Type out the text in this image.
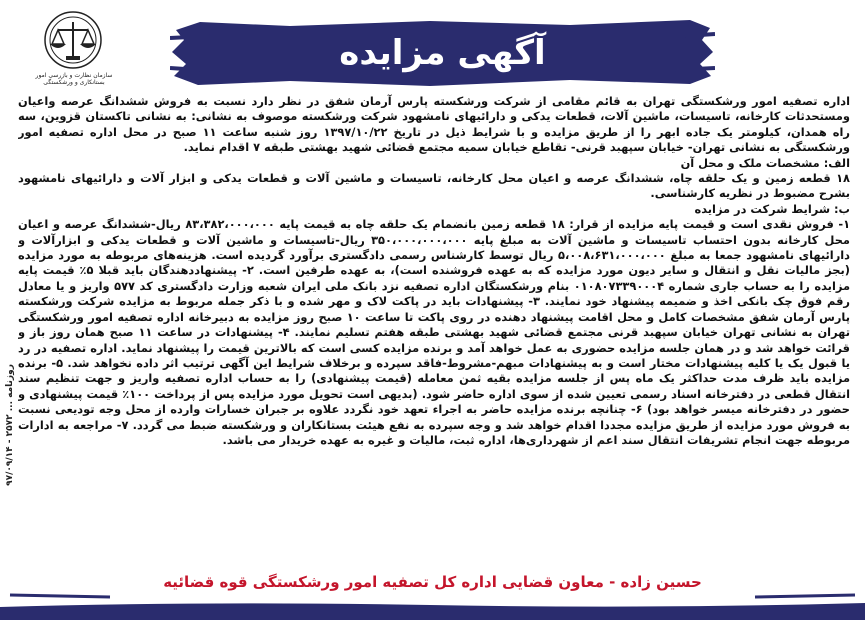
سازمان نظارت و بازرسی امور بستانکاری و ورشکستگی
آگهی مزایده
روزنامه ... ۲۵۷۲ - ۹۷/۰۹/۱۴

اداره تصفیه امور ورشکستگی تهران به قائم مقامی از شرکت ورشکسته پارس آرمان شفق در نظر دارد نسبت به فروش ششدانگ عرصه واعیان ومستحدثات کارخانه، تاسیسات، ماشین آلات، قطعات یدکی و دارائیهای نامشهود شرکت ورشکسته موصوف به نشانی: به نشانی تاکستان قزوین، سه راه همدان، کیلومتر یک جاده ابهر را از طریق مزایده و با شرایط ذیل در تاریخ ۱۳۹۷/۱۰/۲۲ روز شنبه ساعت ۱۱ صبح در محل اداره تصفیه امور ورشکستگی به نشانی تهران- خیابان سپهبد قرنی- تقاطع خیابان سمیه مجتمع قضائی شهید بهشتی طبقه ۷ اقدام نماید.

الف: مشخصات ملک و محل آن

۱۸ قطعه زمین و یک حلقه چاه، ششدانگ عرصه و اعیان محل کارخانه، تاسیسات و ماشین آلات و قطعات یدکی و ابزار آلات و دارائیهای نامشهود بشرح مضبوط در نظریه کارشناسی.

ب: شرایط شرکت در مزایده

۱- فروش نقدی است و قیمت پایه مزایده از قرار: ۱۸ قطعه زمین بانضمام یک حلقه چاه به قیمت پایه ۸۳،۳۸۲،۰۰۰،۰۰۰ ریال-ششدانگ عرصه و اعیان محل کارخانه بدون احتساب تاسیسات و ماشین آلات به مبلغ پایه ۳۵۰،۰۰۰،۰۰۰،۰۰۰ ریال-تاسیسات و ماشین آلات و قطعات یدکی و ابزارآلات و دارائیهای نامشهود جمعا به مبلغ ۵،۰۰۸،۶۳۱،۰۰۰،۰۰۰ ریال توسط کارشناس رسمی دادگستری برآورد گردیده است. هزینه‌های مربوطه به مورد مزایده (بجز مالیات نقل و انتقال و سایر دیون مورد مزایده که به عهده فروشنده است)، به عهده طرفین است. ۲- پیشنهاددهندگان باید قبلا ۵٪ قیمت پایه مزایده را به حساب جاری شماره ۰۱۰۸۰۷۳۳۹۰۰۰۴ بنام ورشکستگان اداره تصفیه نزد بانک ملی ایران شعبه وزارت دادگستری کد ۵۷۷ واریز و یا معادل رقم فوق چک بانکی اخذ و ضمیمه پیشنهاد خود نمایند. ۳- پیشنهادات باید در پاکت لاک و مهر شده و با ذکر جمله مربوط به مزایده شرکت ورشکسته پارس آرمان شفق مشخصات کامل و محل اقامت پیشنهاد دهنده در روی پاکت تا ساعت ۱۰ صبح روز مزایده به دبیرخانه اداره تصفیه امور ورشکستگی تهران به نشانی تهران خیابان سپهبد قرنی مجتمع قضائی شهید بهشتی طبقه هفتم تسلیم نمایند. ۴- پیشنهادات در ساعت ۱۱ صبح همان روز باز و قرائت خواهد شد و در همان جلسه مزایده حضوری به عمل خواهد آمد و برنده مزایده کسی است که بالاترین قیمت را پیشنهاد نماید. اداره تصفیه در رد یا قبول یک یا کلیه پیشنهادات مختار است و به پیشنهادات مبهم-مشروط-فاقد سپرده و برخلاف شرایط این آگهی ترتیب اثر داده نخواهد شد. ۵- برنده مزایده باید ظرف مدت حداکثر یک ماه پس از جلسه مزایده بقیه ثمن معامله (قیمت پیشنهادی) را به حساب اداره تصفیه واریز و جهت تنظیم سند انتقال قطعی در دفترخانه اسناد رسمی تعیین شده از سوی اداره حاضر شود. (بدیهی است تحویل مورد مزایده پس از پرداخت ۱۰۰٪ قیمت پیشنهادی و حضور در دفترخانه میسر خواهد بود) ۶- چنانچه برنده مزایده حاضر به اجراء تعهد خود نگردد علاوه بر جبران خسارات وارده از محل وجه تودیعی نسبت به فروش مورد مزایده از طریق مزایده مجددا اقدام خواهد شد و وجه سپرده به نفع هیئت بستانکاران و ورشکسته ضبط می گردد. ۷- مراجعه به ادارات مربوطه جهت انجام تشریفات انتقال سند اعم از شهرداری‌ها، اداره ثبت، مالیات و غیره به عهده خریدار می باشد.

حسین زاده - معاون قضایی اداره کل تصفیه امور ورشکستگی قوه قضائیه
